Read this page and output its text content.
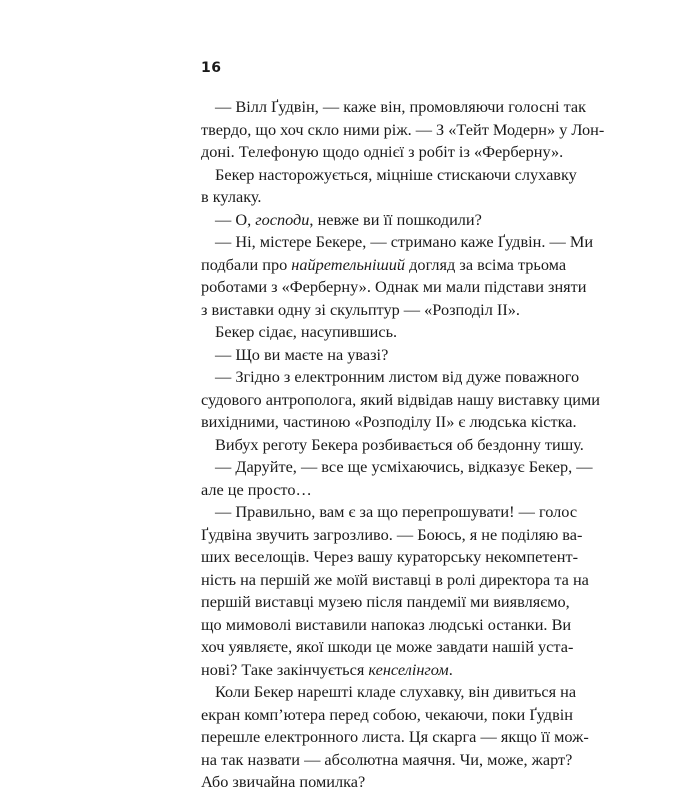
16
— Вілл Ґудвін, — каже він, промовляючи голосні так
твердо, що хоч скло ними ріж. — З «Тейт Модерн» у Лон-
доні. Телефоную щодо однієї з робіт із «Ферберну».
Бекер насторожується, міцніше стискаючи слухавку
в кулаку.
— О, господи, невже ви її пошкодили?
— Ні, містере Бекере, — стримано каже Ґудвін. — Ми
подбали про найретельніший догляд за всіма трьома
роботами з «Ферберну». Однак ми мали підстави зняти
з виставки одну зі скульптур — «Розподіл II».
Бекер сідає, насупившись.
— Що ви маєте на увазі?
— Згідно з електронним листом від дуже поважного
судового антрополога, який відвідав нашу виставку цими
вихідними, частиною «Розподілу II» є людська кістка.
Вибух реготу Бекера розбивається об бездонну тишу.
— Даруйте, — все ще усміхаючись, відказує Бекер, —
але це просто…
— Правильно, вам є за що перепрошувати! — голос
Ґудвіна звучить загрозливо. — Боюсь, я не поділяю ва-
ших веселощів. Через вашу кураторську некомпетент-
ність на першій же моїй виставці в ролі директора та на
першій виставці музею після пандемії ми виявляємо,
що мимоволі виставили напоказ людські останки. Ви
хоч уявляєте, якої шкоди це може завдати нашій уста-
нові? Таке закінчується кенселінгом.
Коли Бекер нарешті кладе слухавку, він дивиться на
екран комп’ютера перед собою, чекаючи, поки Ґудвін
перешле електронного листа. Ця скарга — якщо її мож-
на так назвати — абсолютна маячня. Чи, може, жарт?
Або звичайна помилка?
